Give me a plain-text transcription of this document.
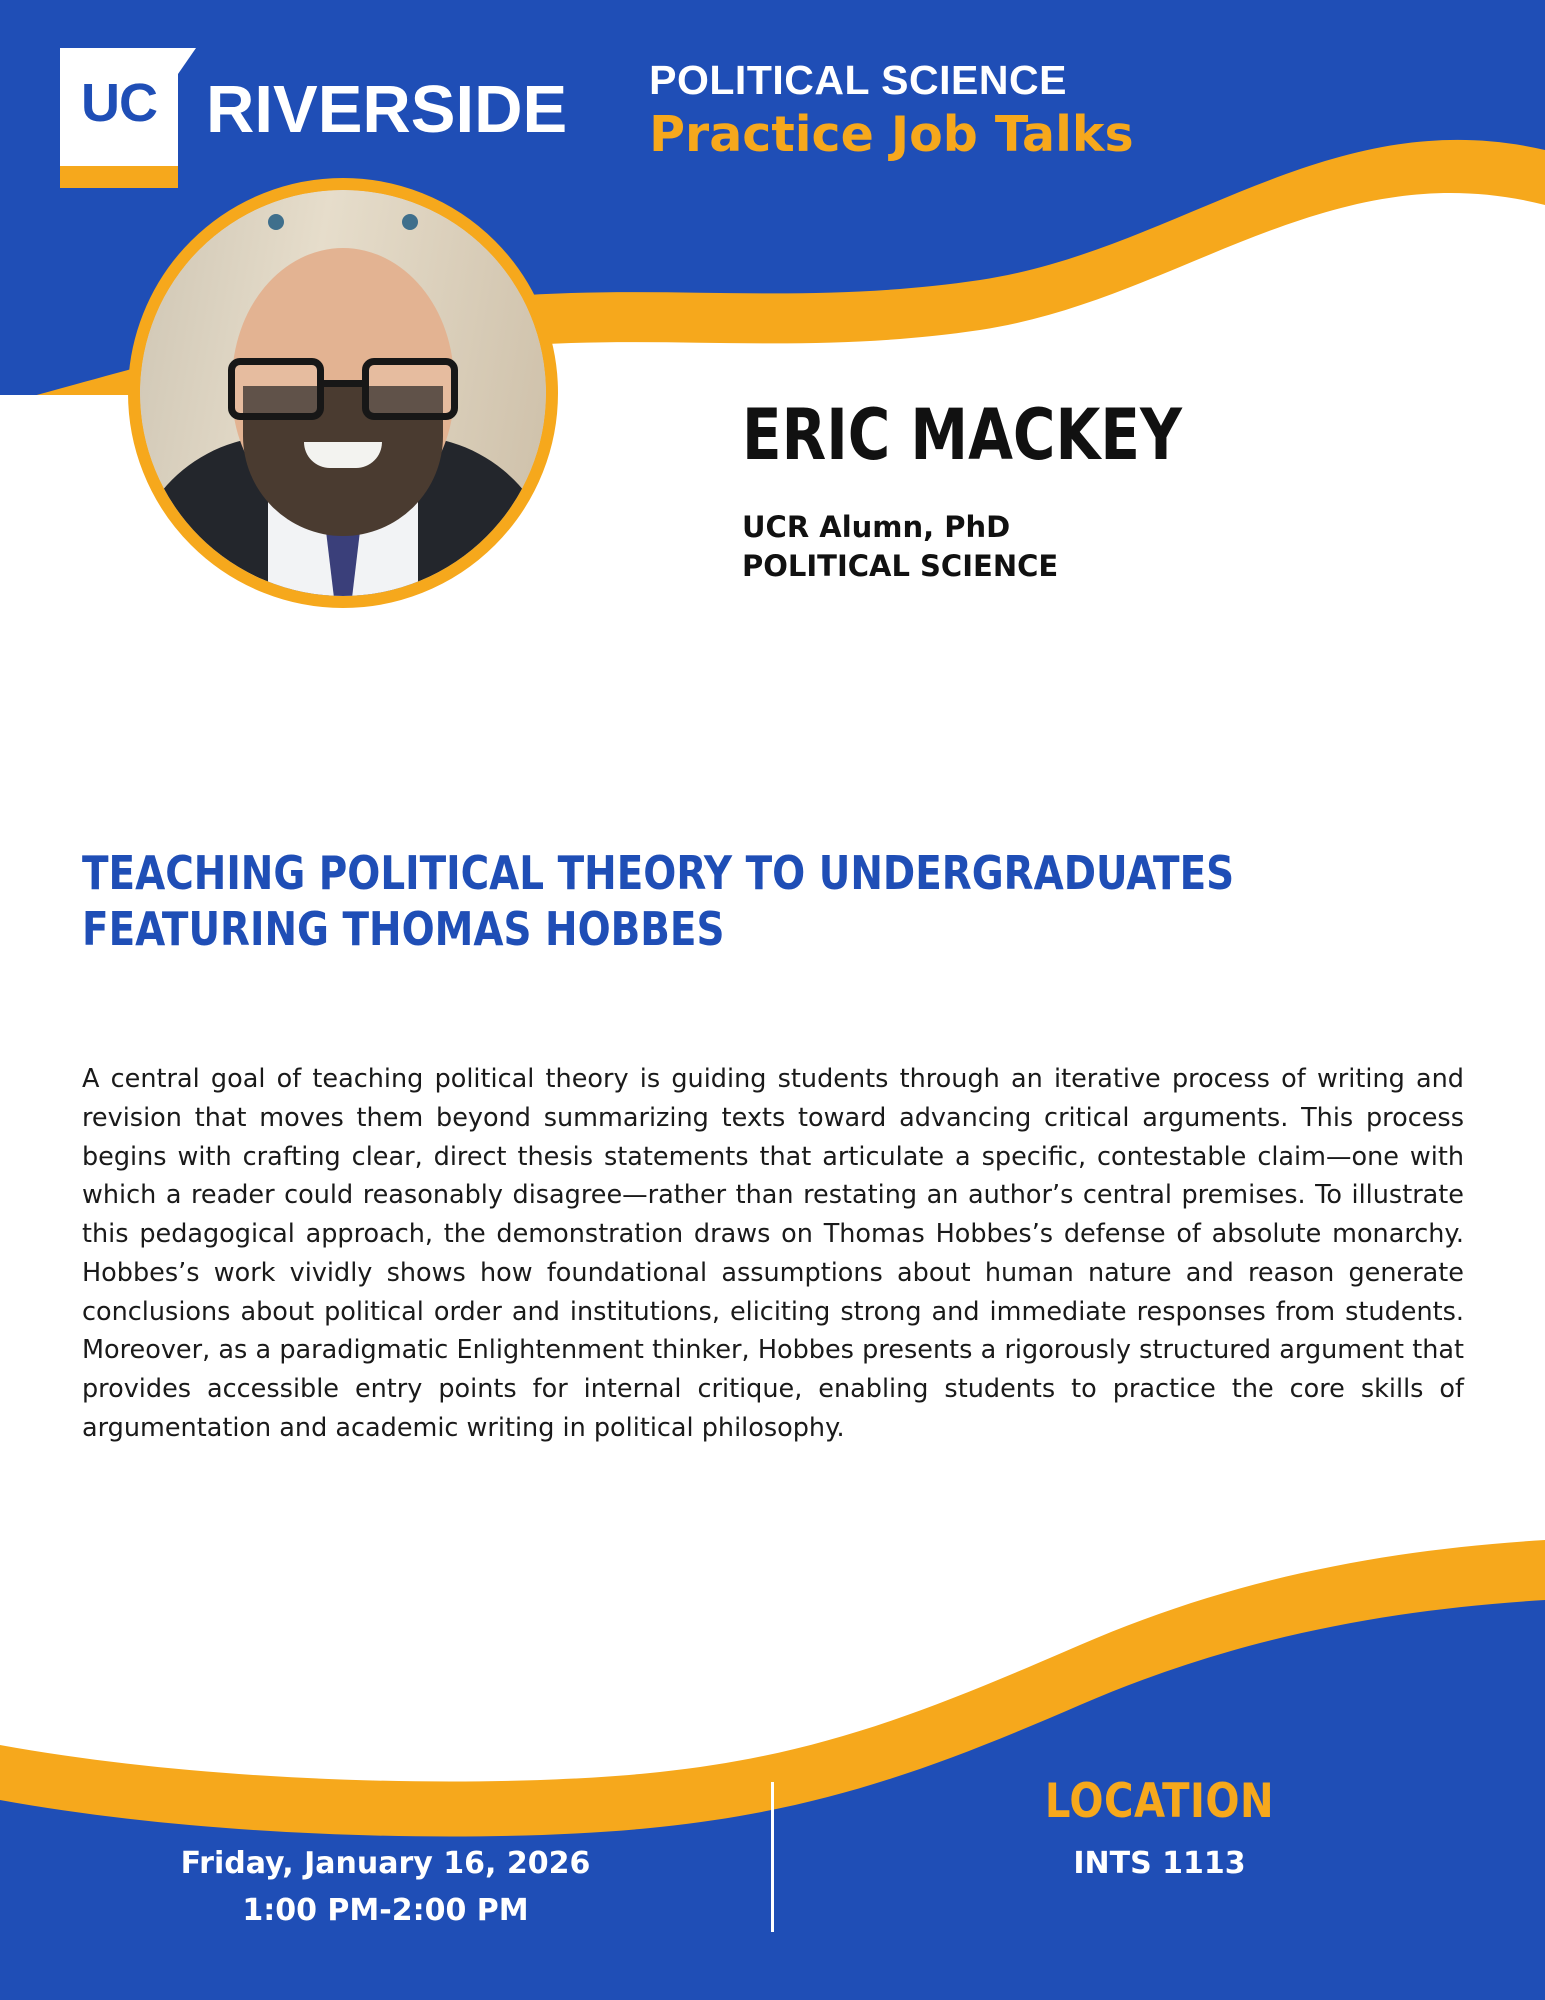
UC RIVERSIDE POLITICAL SCIENCE
Practice Job Talks
ERIC MACKEY
UCR Alumn, PhD
POLITICAL SCIENCE
TEACHING POLITICAL THEORY TO UNDERGRADUATES FEATURING THOMAS HOBBES
A central goal of teaching political theory is guiding students through an iterative process of writing and revision that moves them beyond summarizing texts toward advancing critical arguments. This process begins with crafting clear, direct thesis statements that articulate a specific, contestable claim—one with which a reader could reasonably disagree—rather than restating an author’s central premises. To illustrate this pedagogical approach, the demonstration draws on Thomas Hobbes’s defense of absolute monarchy. Hobbes’s work vividly shows how foundational assumptions about human nature and reason generate conclusions about political order and institutions, eliciting strong and immediate responses from students. Moreover, as a paradigmatic Enlightenment thinker, Hobbes presents a rigorously structured argument that provides accessible entry points for internal critique, enabling students to practice the core skills of argumentation and academic writing in political philosophy.
TIME

Friday, January 16, 2026

1:00 PM-2:00 PM

LOCATION

INTS 1113
